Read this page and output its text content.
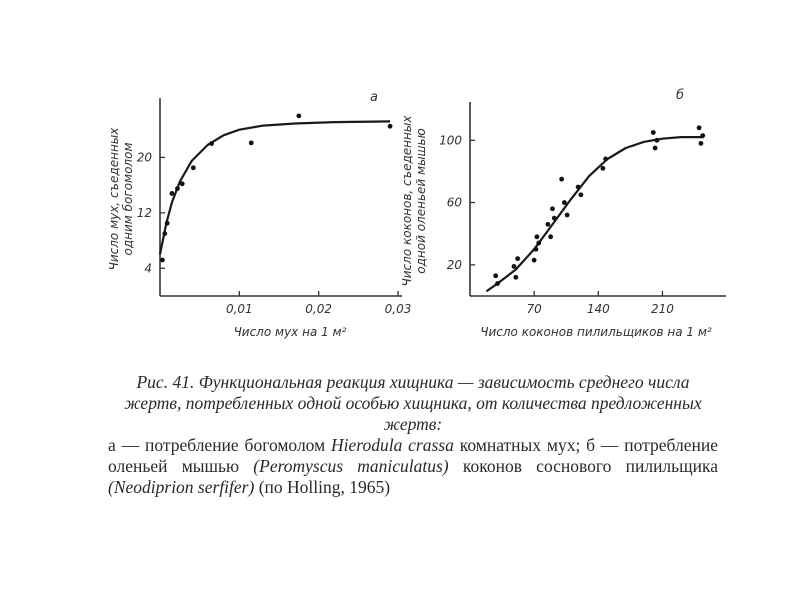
0,01	0,02	0,03
4
12
20
а
Число мух на 1 м²
Число мух, съеденных одним богомолом
70	140	210
20
60
100
б
Число коконов пилильщиков на 1 м²
Число коконов, съеденных одной оленьей мышью
Рис. 41. Функциональная реакция хищника — зависимость среднего числа жертв, потребленных одной особью хищника, от количества предложенных жертв:
а — потребление богомолом Hierodula crassa комнатных мух; б — потребление оленьей мышью (Peromyscus maniculatus) коконов соснового пилильщика (Neodiprion serfifer) (по Holling, 1965)
